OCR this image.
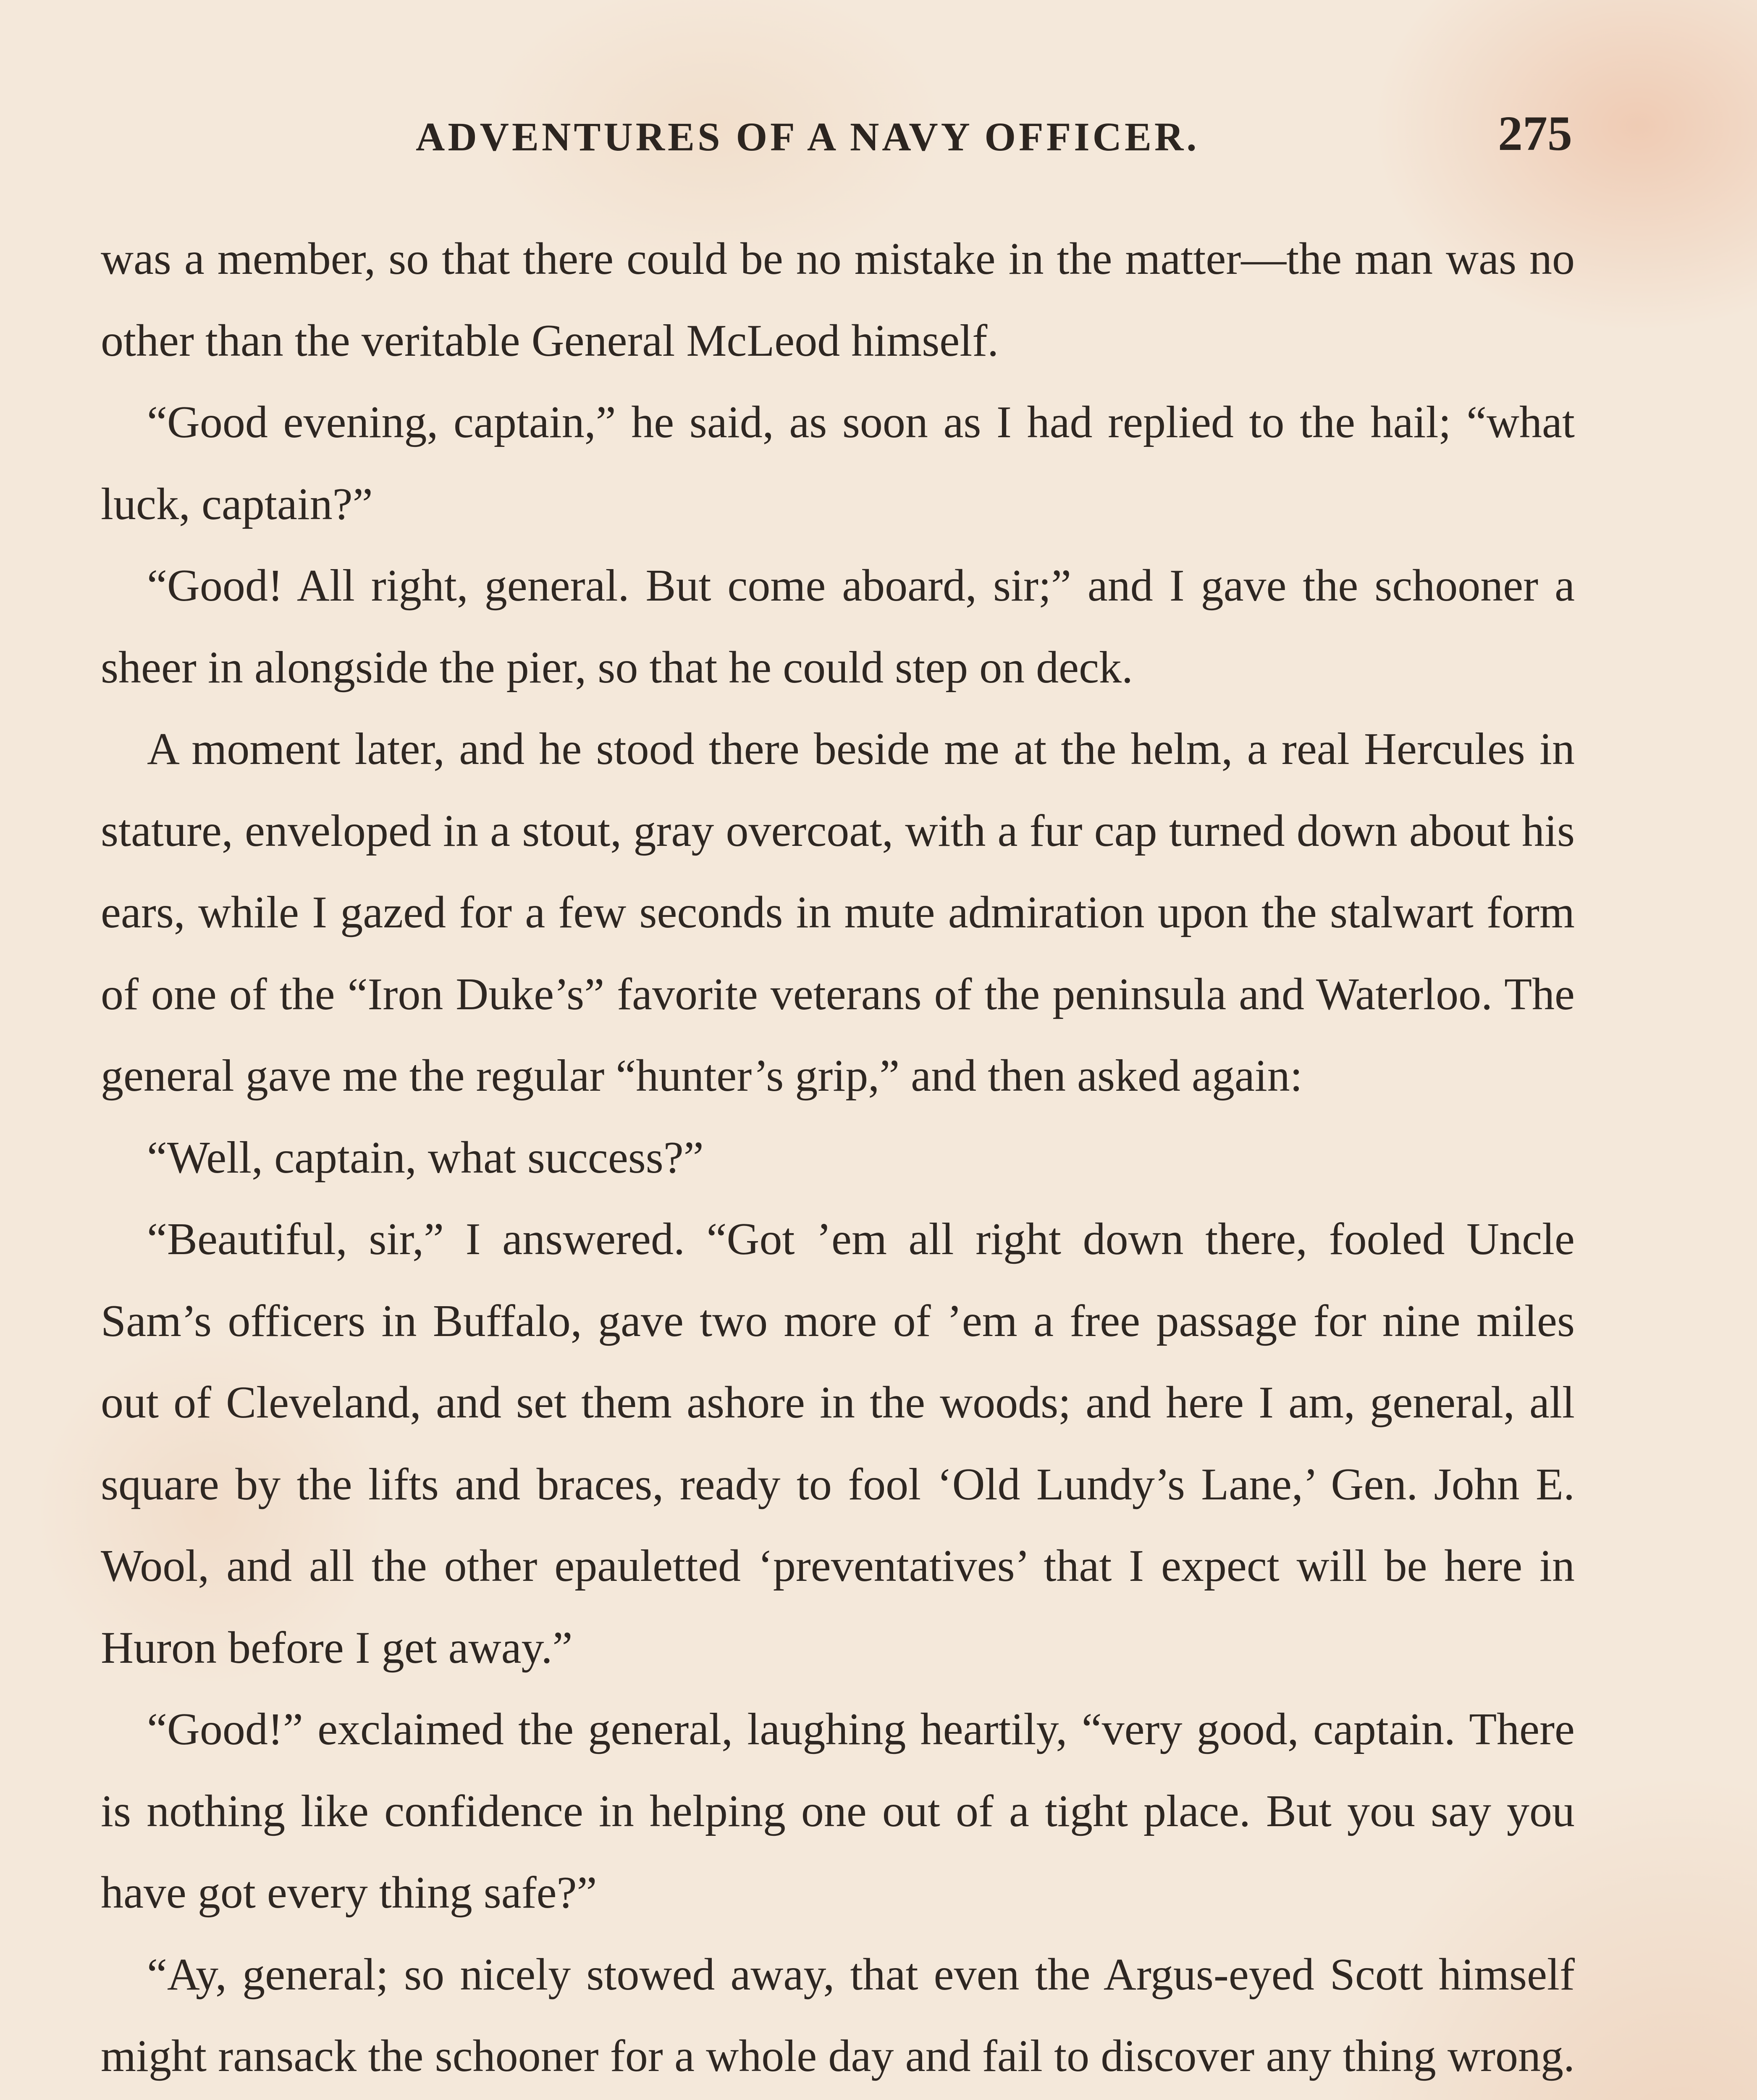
ADVENTURES OF A NAVY OFFICER.	275

was a member, so that there could be no mistake in the matter—the man was no other than the veritable General McLeod himself.

“Good evening, captain,” he said, as soon as I had replied to the hail; “what luck, captain?”

“Good! All right, general. But come aboard, sir;” and I gave the schooner a sheer in alongside the pier, so that he could step on deck.

A moment later, and he stood there beside me at the helm, a real Hercules in stature, enveloped in a stout, gray overcoat, with a fur cap turned down about his ears, while I gazed for a few seconds in mute admiration upon the stalwart form of one of the “Iron Duke’s” favorite veterans of the peninsula and Waterloo. The general gave me the regular “hunter’s grip,” and then asked again:

“Well, captain, what success?”

“Beautiful, sir,” I answered. “Got ’em all right down there, fooled Uncle Sam’s officers in Buffalo, gave two more of ’em a free passage for nine miles out of Cleveland, and set them ashore in the woods; and here I am, general, all square by the lifts and braces, ready to fool ‘Old Lundy’s Lane,’ Gen. John E. Wool, and all the other epauletted ‘preventatives’ that I expect will be here in Huron before I get away.”

“Good!” exclaimed the general, laughing heartily, “very good, captain. There is nothing like confidence in helping one out of a tight place. But you say you have got every thing safe?”

“Ay, general; so nicely stowed away, that even the Argus-eyed Scott himself might ransack the schooner for a whole day and fail to discover any thing wrong.
